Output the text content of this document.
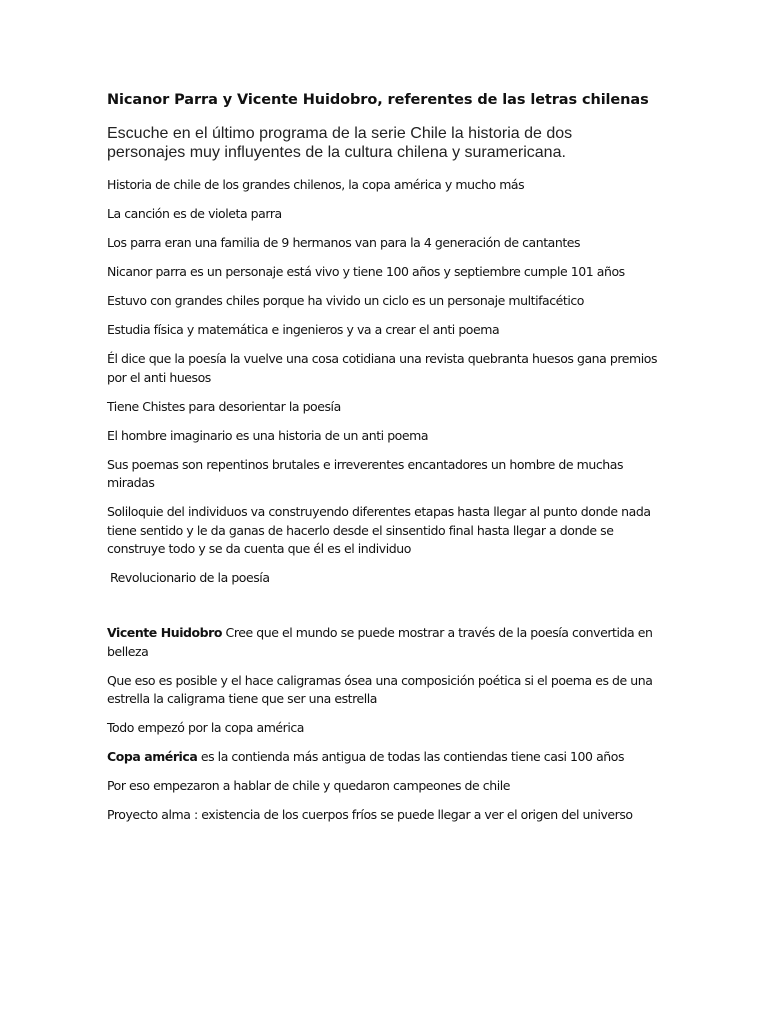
Nicanor Parra y Vicente Huidobro, referentes de las letras chilenas

Escuche en el último programa de la serie Chile la historia de dos personajes muy influyentes de la cultura chilena y suramericana.

Historia de chile de los grandes chilenos, la copa américa y mucho más

La canción es de violeta parra

Los parra eran una familia de 9 hermanos van para la 4 generación de cantantes

Nicanor parra es un personaje está vivo y tiene 100 años y septiembre cumple 101 años

Estuvo con grandes chiles porque ha vivido un ciclo es un personaje multifacético

Estudia física y matemática e ingenieros y va a crear el anti poema

Él dice que la poesía la vuelve una cosa cotidiana una revista quebranta huesos gana premios por el anti huesos

Tiene Chistes para desorientar la poesía

El hombre imaginario es una historia de un anti poema

Sus poemas son repentinos brutales e irreverentes encantadores un hombre de muchas miradas

Soliloquie del individuos va construyendo diferentes etapas hasta llegar al punto donde nada tiene sentido y le da ganas de hacerlo desde el sinsentido final hasta llegar a donde se construye todo y se da cuenta que él es el individuo

Revolucionario de la poesía

Vicente Huidobro Cree que el mundo se puede mostrar a través de la poesía convertida en belleza

Que eso es posible y el hace caligramas ósea una composición poética si el poema es de una estrella la caligrama tiene que ser una estrella

Todo empezó por la copa américa

Copa américa es la contienda más antigua de todas las contiendas tiene casi 100 años

Por eso empezaron a hablar de chile y quedaron campeones de chile

Proyecto alma : existencia de los cuerpos fríos se puede llegar a ver el origen del universo
